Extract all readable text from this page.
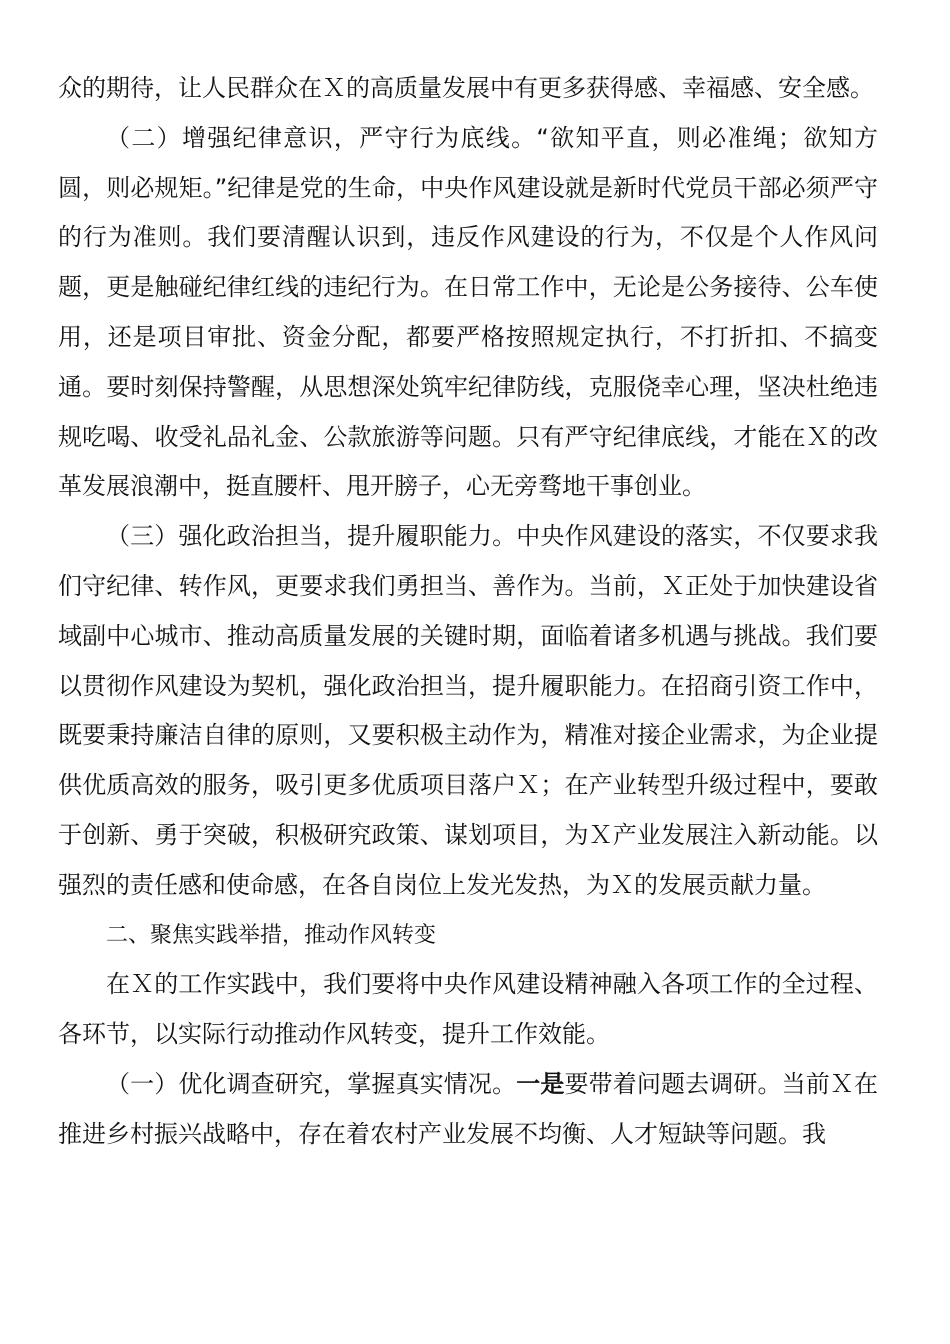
众的期待，让人民群众在Ｘ的高质量发展中有更多获得感、幸福感、安全感。

（二）增强纪律意识，严守行为底线。“欲知平直，则必准绳；欲知方圆，则必规矩。”纪律是党的生命，中央作风建设就是新时代党员干部必须严守的行为准则。我们要清醒认识到，违反作风建设的行为，不仅是个人作风问题，更是触碰纪律红线的违纪行为。在日常工作中，无论是公务接待、公车使用，还是项目审批、资金分配，都要严格按照规定执行，不打折扣、不搞变通。要时刻保持警醒，从思想深处筑牢纪律防线，克服侥幸心理，坚决杜绝违规吃喝、收受礼品礼金、公款旅游等问题。只有严守纪律底线，才能在Ｘ的改革发展浪潮中，挺直腰杆、甩开膀子，心无旁骛地干事创业。

（三）强化政治担当，提升履职能力。中央作风建设的落实，不仅要求我们守纪律、转作风，更要求我们勇担当、善作为。当前，Ｘ正处于加快建设省域副中心城市、推动高质量发展的关键时期，面临着诸多机遇与挑战。我们要以贯彻作风建设为契机，强化政治担当，提升履职能力。在招商引资工作中，既要秉持廉洁自律的原则，又要积极主动作为，精准对接企业需求，为企业提供优质高效的服务，吸引更多优质项目落户Ｘ；在产业转型升级过程中，要敢于创新、勇于突破，积极研究政策、谋划项目，为Ｘ产业发展注入新动能。以强烈的责任感和使命感，在各自岗位上发光发热，为Ｘ的发展贡献力量。

二、聚焦实践举措，推动作风转变

在Ｘ的工作实践中，我们要将中央作风建设精神融入各项工作的全过程、各环节，以实际行动推动作风转变，提升工作效能。

（一）优化调查研究，掌握真实情况。一是要带着问题去调研。当前Ｘ在推进乡村振兴战略中，存在着农村产业发展不均衡、人才短缺等问题。我
